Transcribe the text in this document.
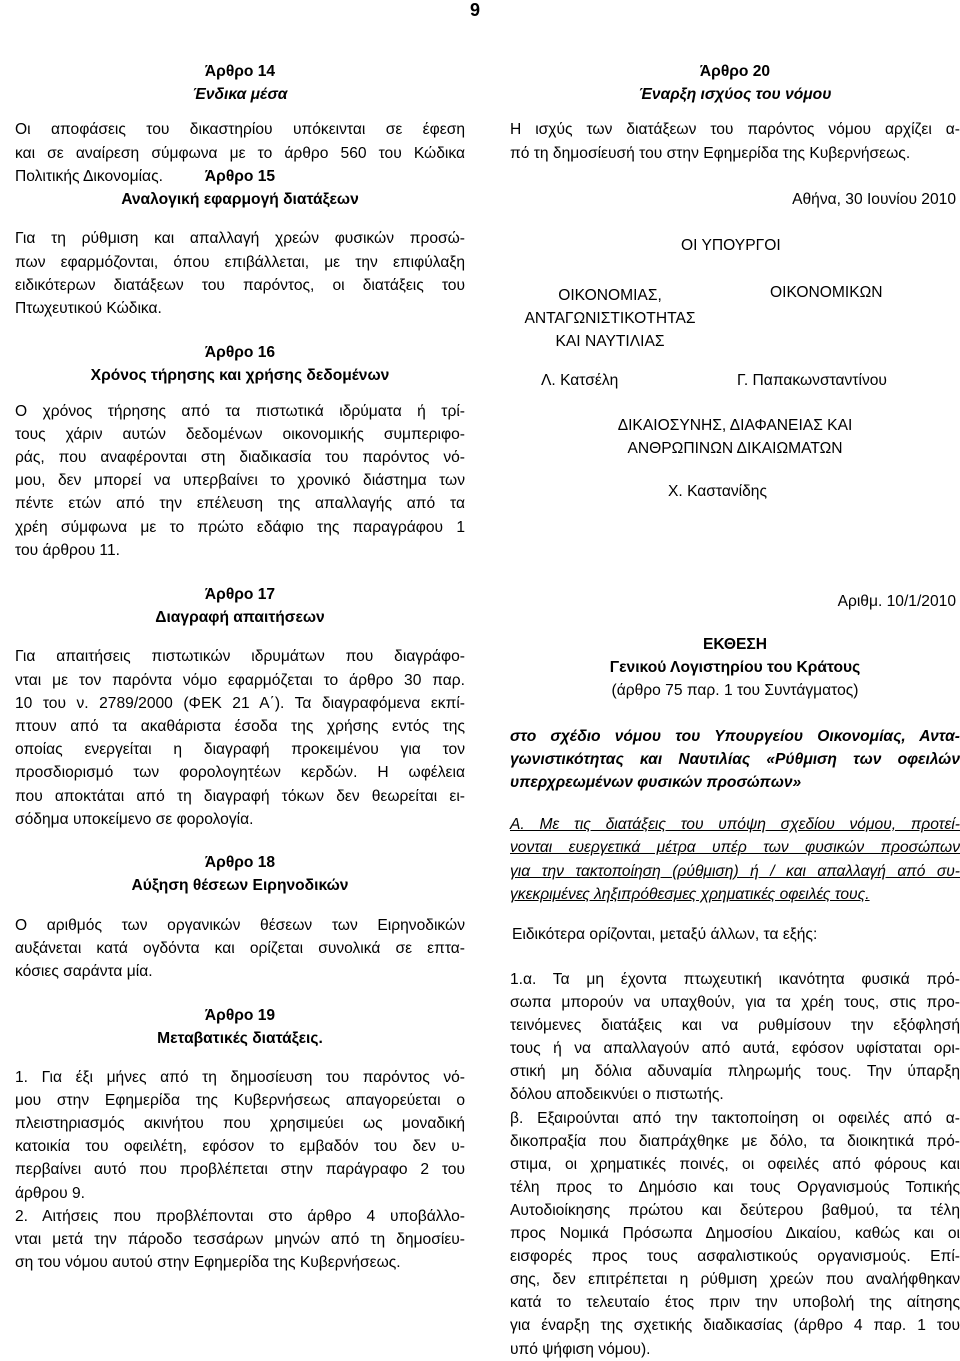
9
Άρθρο 14
Ένδικα μέσα
Οι αποφάσεις του δικαστηρίου υπόκεινται σε έφεση
και σε αναίρεση σύμφωνα με το άρθρο 560 του Κώδικα
Πολιτικής Δικονομίας.	Άρθρο 15
Αναλογική εφαρμογή διατάξεων
Για τη ρύθμιση και απαλλαγή χρεών φυσικών προσώ-
πων εφαρμόζονται, όπου επιβάλλεται, με την επιφύλαξη
ειδικότερων διατάξεων του παρόντος, οι διατάξεις του
Πτωχευτικού Κώδικα.
Άρθρο 16
Χρόνος τήρησης και χρήσης δεδομένων
Ο χρόνος τήρησης από τα πιστωτικά ιδρύματα ή τρί-
τους χάριν αυτών δεδομένων οικονομικής συμπεριφο-
ράς, που αναφέρονται στη διαδικασία του παρόντος νό-
μου, δεν μπορεί να υπερβαίνει το χρονικό διάστημα των
πέντε ετών από την επέλευση της απαλλαγής από τα
χρέη σύμφωνα με το πρώτο εδάφιο της παραγράφου 1
του άρθρου 11.
Άρθρο 17
Διαγραφή απαιτήσεων
Για απαιτήσεις πιστωτικών ιδρυμάτων που διαγράφο-
νται με τον παρόντα νόμο εφαρμόζεται το άρθρο 30 παρ.
10 του ν. 2789/2000 (ΦΕΚ 21 Α΄). Τα διαγραφόμενα εκπί-
πτουν από τα ακαθάριστα έσοδα της χρήσης εντός της
οποίας ενεργείται η διαγραφή προκειμένου για τον
προσδιορισμό των φορολογητέων κερδών. Η ωφέλεια
που αποκτάται από τη διαγραφή τόκων δεν θεωρείται ει-
σόδημα υποκείμενο σε φορολογία.
Άρθρο 18
Αύξηση θέσεων Ειρηνοδικών
Ο αριθμός των οργανικών θέσεων των Ειρηνοδικών
αυξάνεται κατά ογδόντα και ορίζεται συνολικά σε επτα-
κόσιες σαράντα μία.
Άρθρο 19
Μεταβατικές διατάξεις.
1. Για έξι μήνες από τη δημοσίευση του παρόντος νό-
μου στην Εφημερίδα της Κυβερνήσεως απαγορεύεται ο
πλειστηριασμός ακινήτου που χρησιμεύει ως μοναδική
κατοικία του οφειλέτη, εφόσον το εμβαδόν του δεν υ-
περβαίνει αυτό που προβλέπεται στην παράγραφο 2 του
άρθρου 9.
2. Αιτήσεις που προβλέπονται στο άρθρο 4 υποβάλλο-
νται μετά την πάροδο τεσσάρων μηνών από τη δημοσίευ-
ση του νόμου αυτού στην Εφημερίδα της Κυβερνήσεως.
Άρθρο 20
Έναρξη ισχύος του νόμου
Η ισχύς των διατάξεων του παρόντος νόμου αρχίζει α-
πό τη δημοσίευσή του στην Εφημερίδα της Κυβερνήσεως.
Αθήνα, 30 Ιουνίου 2010
ΟΙ ΥΠΟΥΡΓΟΙ
ΟΙΚΟΝΟΜΙΑΣ,
ΑΝΤΑΓΩΝΙΣΤΙΚΟΤΗΤΑΣ
ΚΑΙ ΝΑΥΤΙΛΙΑΣ
ΟΙΚΟΝΟΜΙΚΩΝ
Λ. Κατσέλη	Γ. Παπακωνσταντίνου
ΔΙΚΑΙΟΣΥΝΗΣ, ΔΙΑΦΑΝΕΙΑΣ ΚΑΙ
ΑΝΘΡΩΠΙΝΩΝ ΔΙΚΑΙΩΜΑΤΩΝ
Χ. Καστανίδης
Αριθμ. 10/1/2010
ΕΚΘΕΣΗ
Γενικού Λογιστηρίου του Κράτους
(άρθρο 75 παρ. 1 του Συντάγματος)
στο σχέδιο νόμου του Υπουργείου Οικονομίας, Αντα-
γωνιστικότητας και Ναυτιλίας «Ρύθμιση των οφειλών
υπερχρεωμένων φυσικών προσώπων»
Α. Με τις διατάξεις του υπόψη σχεδίου νόμου, προτεί-
νονται ευεργετικά μέτρα υπέρ των φυσικών προσώπων
για την τακτοποίηση (ρύθμιση) ή / και απαλλαγή από συ-
γκεκριμένες ληξιπρόθεσμες χρηματικές οφειλές τους.
Ειδικότερα ορίζονται, μεταξύ άλλων, τα εξής:
1.α. Τα μη έχοντα πτωχευτική ικανότητα φυσικά πρό-
σωπα μπορούν να υπαχθούν, για τα χρέη τους, στις προ-
τεινόμενες διατάξεις και να ρυθμίσουν την εξόφλησή
τους ή να απαλλαγούν από αυτά, εφόσον υφίσταται ορι-
στική μη δόλια αδυναμία πληρωμής τους. Την ύπαρξη
δόλου αποδεικνύει ο πιστωτής.
β. Εξαιρούνται από την τακτοποίηση οι οφειλές από α-
δικοπραξία που διαπράχθηκε με δόλο, τα διοικητικά πρό-
στιμα, οι χρηματικές ποινές, οι οφειλές από φόρους και
τέλη προς το Δημόσιο και τους Οργανισμούς Τοπικής
Αυτοδιοίκησης πρώτου και δεύτερου βαθμού, τα τέλη
προς Νομικά Πρόσωπα Δημοσίου Δικαίου, καθώς και οι
εισφορές προς τους ασφαλιστικούς οργανισμούς. Επί-
σης, δεν επιτρέπεται η ρύθμιση χρεών που αναλήφθηκαν
κατά το τελευταίο έτος πριν την υποβολή της αίτησης
για έναρξη της σχετικής διαδικασίας (άρθρο 4 παρ. 1 του
υπό ψήφιση νόμου).
